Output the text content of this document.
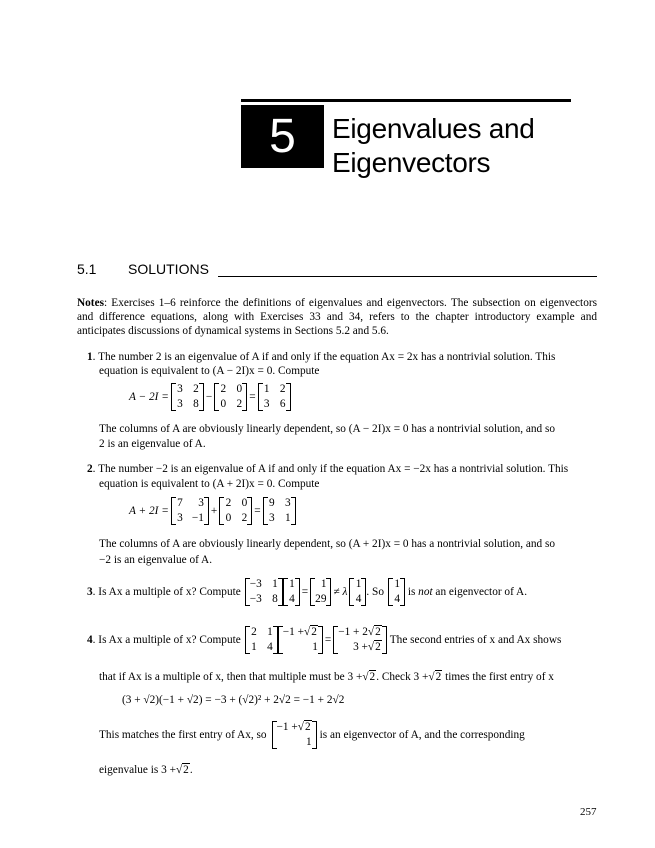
5	Eigenvalues and
Eigenvectors
5.1 SOLUTIONS
Notes: Exercises 1–6 reinforce the definitions of eigenvalues and eigenvectors. The subsection on eigenvectors and difference equations, along with Exercises 33 and 34, refers to the chapter introductory example and anticipates discussions of dynamical systems in Sections 5.2 and 5.6.
1. The number 2 is an eigenvalue of A if and only if the equation Ax = 2x has a nontrivial solution. This
equation is equivalent to (A − 2I)x = 0. Compute
A − 2I =
3 2
3 8
−
2 0
0 2
=
1 2
3 6
The columns of A are obviously linearly dependent, so (A − 2I)x = 0 has a nontrivial solution, and so
2 is an eigenvalue of A.
2. The number −2 is an eigenvalue of A if and only if the equation Ax = −2x has a nontrivial solution. This
equation is equivalent to (A + 2I)x = 0. Compute
A + 2I =
7	3
3 −1
+
2 0
0 2
=
9 3
3 1
The columns of A are obviously linearly dependent, so (A + 2I)x = 0 has a nontrivial solution, and so
−2 is an eigenvalue of A.
3. Is Ax a multiple of x? Compute
−3 1
−3 8
1
4
=
1
29
≠ λ
1
4
. So
1
4
is not an eigenvector of A.
4. Is Ax a multiple of x? Compute
2 1
1 4
−1 +√2
1
=
−1 + 2√2
3 +√2
The second entries of x and Ax shows
that if Ax is a multiple of x, then that multiple must be 3 +√2. Check 3 +√2 times the first entry of x
(3 + √2)(−1 + √2) = −3 + (√2)² + 2√2 = −1 + 2√2
This matches the first entry of Ax, so
−1 +√2
1
is an eigenvector of A, and the corresponding
eigenvalue is 3 +√2.
257
